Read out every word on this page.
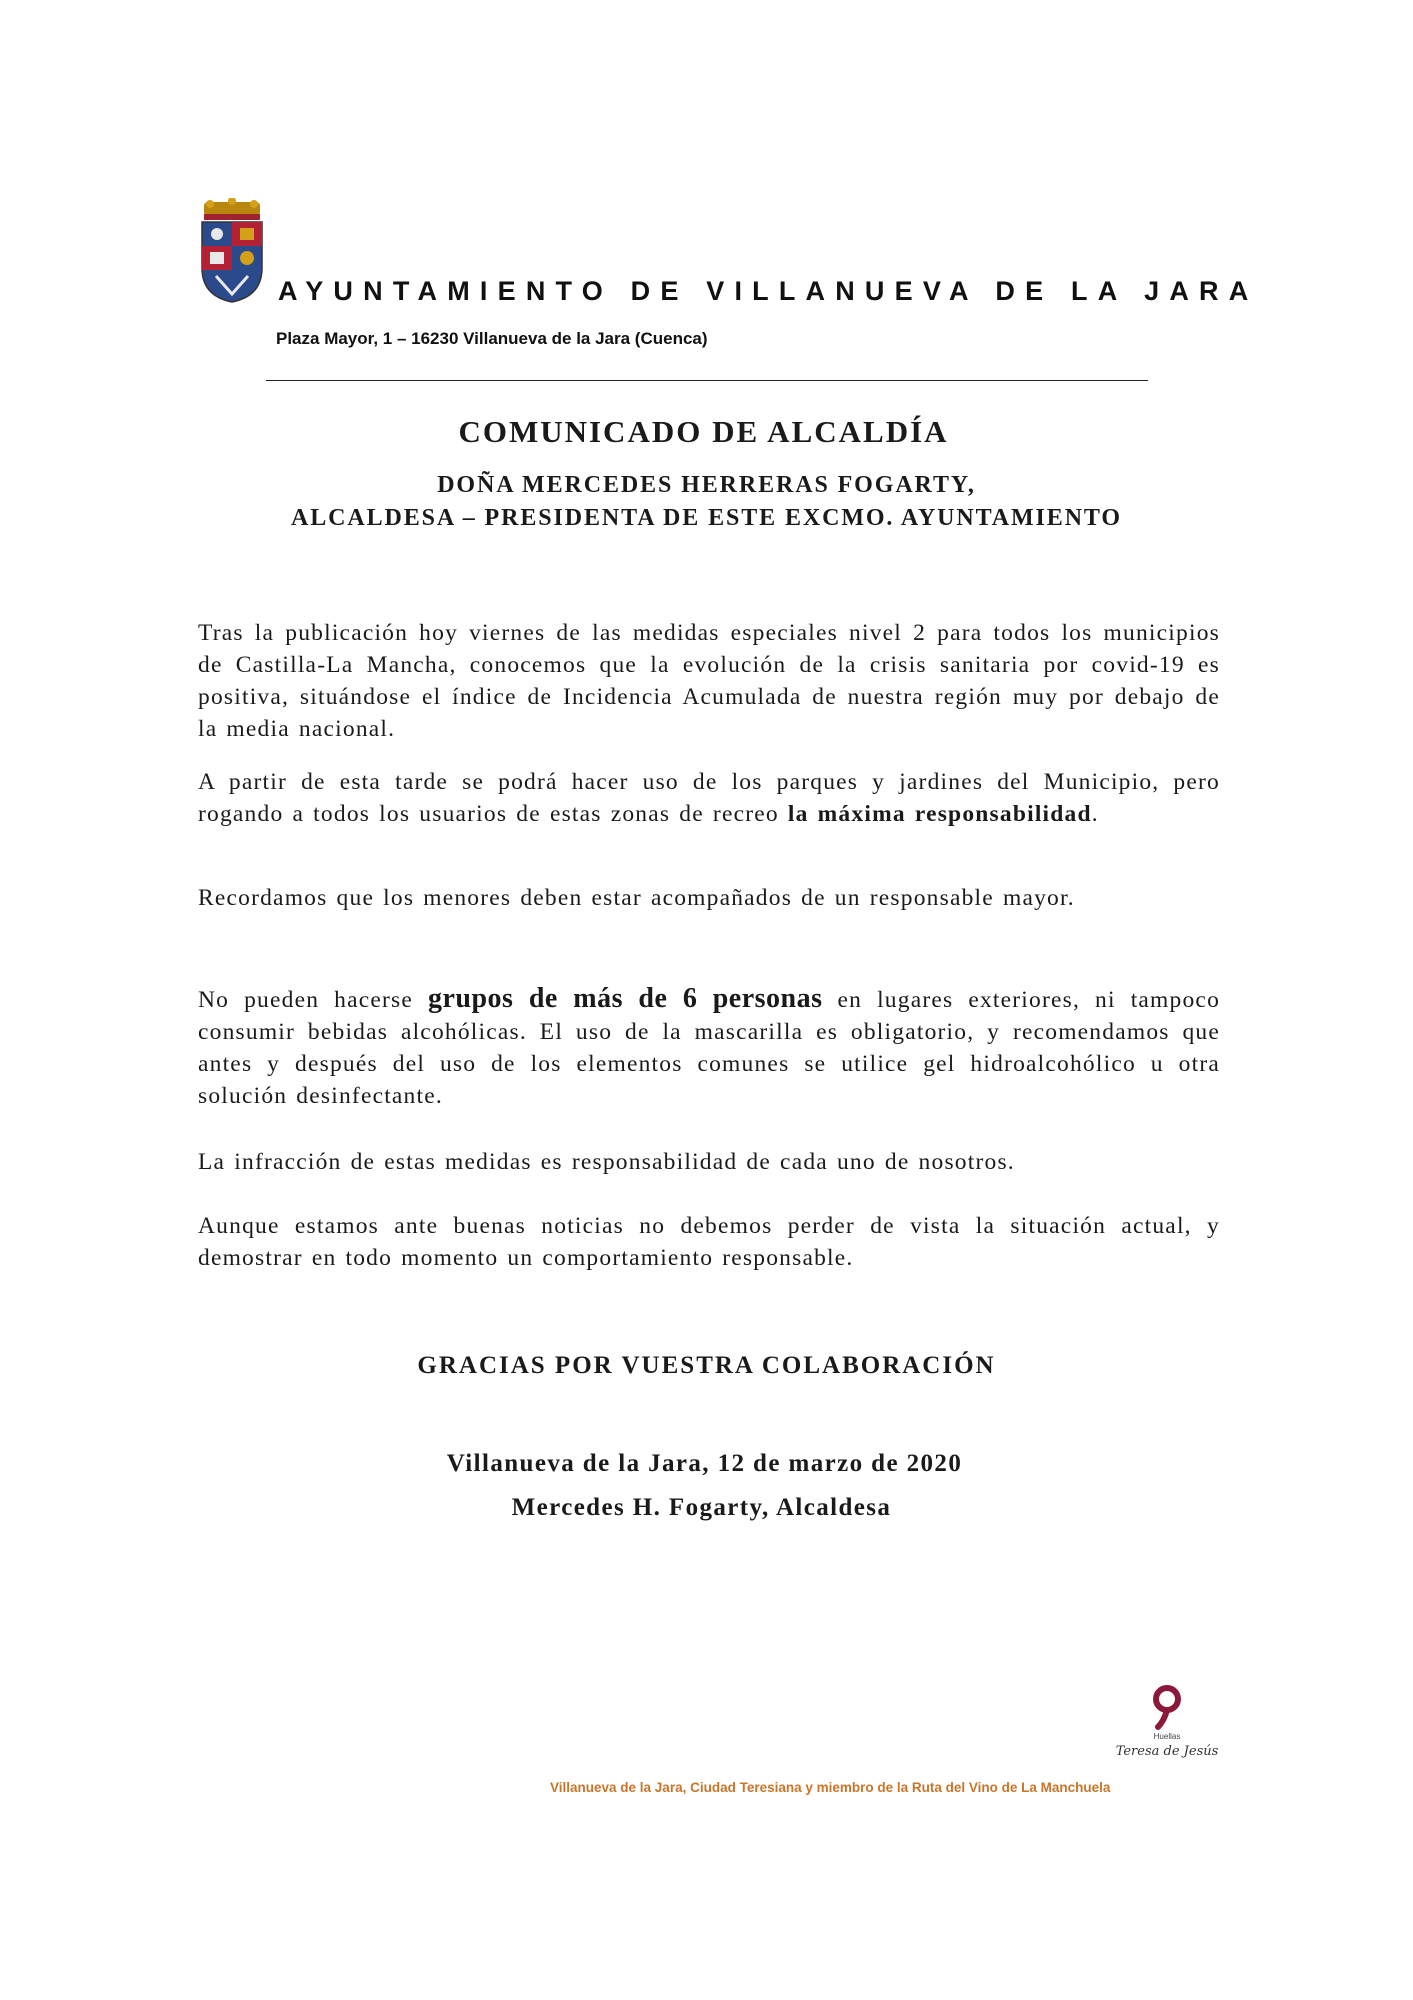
AYUNTAMIENTO DE VILLANUEVA DE LA JARA
Plaza Mayor, 1 – 16230 Villanueva de la Jara (Cuenca)
COMUNICADO DE ALCALDÍA
DOÑA MERCEDES HERRERAS FOGARTY,
ALCALDESA – PRESIDENTA DE ESTE EXCMO. AYUNTAMIENTO

Tras la publicación hoy viernes de las medidas especiales nivel 2 para todos los municipios de Castilla-La Mancha, conocemos que la evolución de la crisis sanitaria por covid-19 es positiva, situándose el índice de Incidencia Acumulada de nuestra región muy por debajo de la media nacional.

A partir de esta tarde se podrá hacer uso de los parques y jardines del Municipio, pero rogando a todos los usuarios de estas zonas de recreo la máxima responsabilidad.

Recordamos que los menores deben estar acompañados de un responsable mayor.

No pueden hacerse grupos de más de 6 personas en lugares exteriores, ni tampoco consumir bebidas alcohólicas. El uso de la mascarilla es obligatorio, y recomendamos que antes y después del uso de los elementos comunes se utilice gel hidroalcohólico u otra solución desinfectante.

La infracción de estas medidas es responsabilidad de cada uno de nosotros.

Aunque estamos ante buenas noticias no debemos perder de vista la situación actual, y demostrar en todo momento un comportamiento responsable.

GRACIAS POR VUESTRA COLABORACIÓN
Villanueva de la Jara, 12 de marzo de 2020
Mercedes H. Fogarty, Alcaldesa
Huellas
Teresa de Jesús
Villanueva de la Jara, Ciudad Teresiana y miembro de la Ruta del Vino de La Manchuela
